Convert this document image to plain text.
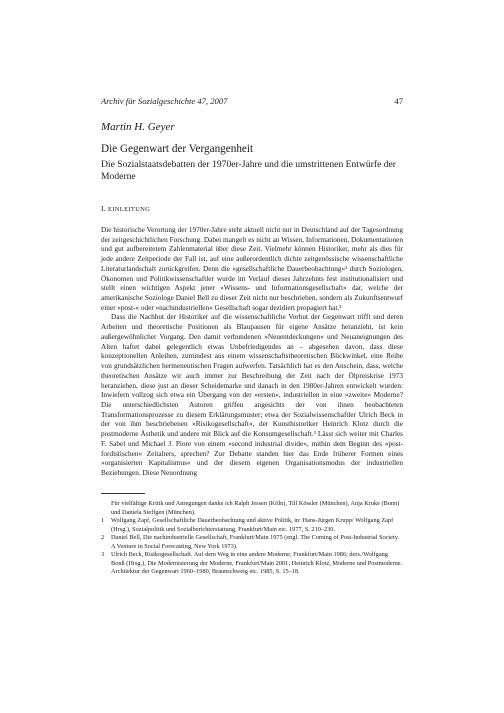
Archiv für Sozialgeschichte 47, 2007	47
Martin H. Geyer
Die Gegenwart der Vergangenheit
Die Sozialstaatsdebatten der 1970er-Jahre und die umstrittenen Entwürfe der Moderne
I. EINLEITUNG

Die historische Verortung der 1970er-Jahre steht aktuell nicht nur in Deutschland auf der Tagesordnung der zeitgeschichtlichen Forschung. Dabei mangelt es nicht an Wissen, Informationen, Dokumentationen und gut aufbereitetem Zahlenmaterial über diese Zeit. Vielmehr können Historiker, mehr als dies für jede andere Zeitperiode der Fall ist, auf eine außerordentlich dichte zeitgenössische wissenschaftliche Literaturlandschaft zurückgreifen. Denn die »gesellschaftliche Dauerbeobachtung«¹ durch Soziologen, Ökonomen und Politikwissenschaftler wurde im Verlauf dieses Jahrzehnts fest institutionalisiert und stellt einen wichtigen Aspekt jener »Wissens- und Informationsgesellschaft« dar, welche der amerikanische Soziologe Daniel Bell zu dieser Zeit nicht nur beschrieben, sondern als Zukunftsentwurf einer »post-« oder »nachindustriellen« Gesellschaft sogar dezidiert propagiert hat.²

Dass die Nachhut der Historiker auf die wissenschaftliche Vorhut der Gegenwart trifft und deren Arbeiten und theoretische Positionen als Blaupausen für eigene Ansätze heranzieht, ist kein außergewöhnlicher Vorgang. Den damit verbundenen »Neuentdeckungen« und Neuaneignungen des Alten haftet dabei gelegentlich etwas Unbefriedigendes an – abgesehen davon, dass diese konzeptionellen Anleihen, zumindest aus einem wissenschaftstheoretischen Blickwinkel, eine Reihe von grundsätzlichen hermeneutischen Fragen aufwerfen. Tatsächlich hat es den Anschein, dass, welche theoretischen Ansätze wir auch immer zur Beschreibung der Zeit nach der Ölpreiskrise 1973 heranziehen, diese just an dieser Scheidemarke und danach in den 1980er-Jahren entwickelt wurden: Inwiefern vollzog sich etwa ein Übergang von der »ersten«, industriellen in eine »zweite« Moderne? Die unterschiedlichsten Autoren griffen angesichts der von ihnen beobachteten Transformationsprozesse zu diesem Erklärungsmuster; etwa der Sozialwissenschaftler Ulrich Beck in der von ihm beschriebenen »Risikogesellschaft«, der Kunsthistoriker Heinrich Klotz durch die postmoderne Ästhetik und andere mit Blick auf die Konsumgesellschaft.³ Lässt sich weiter mit Charles F. Sabel und Michael J. Piore von einem »second industrial divide«, mithin dem Beginn des »post-fordistischen« Zeitalters, sprechen? Zur Debatte standen hier das Ende früherer Formen eines »organisierten Kapitalismus« und der diesem eigenen Organisationsmodus der industriellen Beziehungen. Diese Neuordnung

Für vielfältige Kritik und Anregungen danke ich Ralph Jessen (Köln), Till Kössler (München), Anja Kruke (Bonn) und Daniela Steffgen (München).

1 Wolfgang Zapf, Gesellschaftliche Dauerbeobachtung und aktive Politik, in: Hans-Jürgen Krupp/ Wolfgang Zapf (Hrsg.), Sozialpolitik und Sozialberichterstattung, Frankfurt/Main etc. 1977, S. 210–230.

2 Daniel Bell, Die nachindustrielle Gesellschaft, Frankfurt/Main 1975 (engl. The Coming of Post-Industrial Society. A Venture in Social Forecasting, New York 1973).

3 Ulrich Beck, Risikogesellschaft. Auf dem Weg in eine andere Moderne, Frankfurt/Main 1986; ders./Wolfgang Bonß (Hrsg.), Die Modernisierung der Moderne, Frankfurt/Main 2001; Heinrich Klotz, Moderne und Postmoderne. Architektur der Gegenwart 1960–1980, Braunschweig etc. 1985, S. 15–18.
